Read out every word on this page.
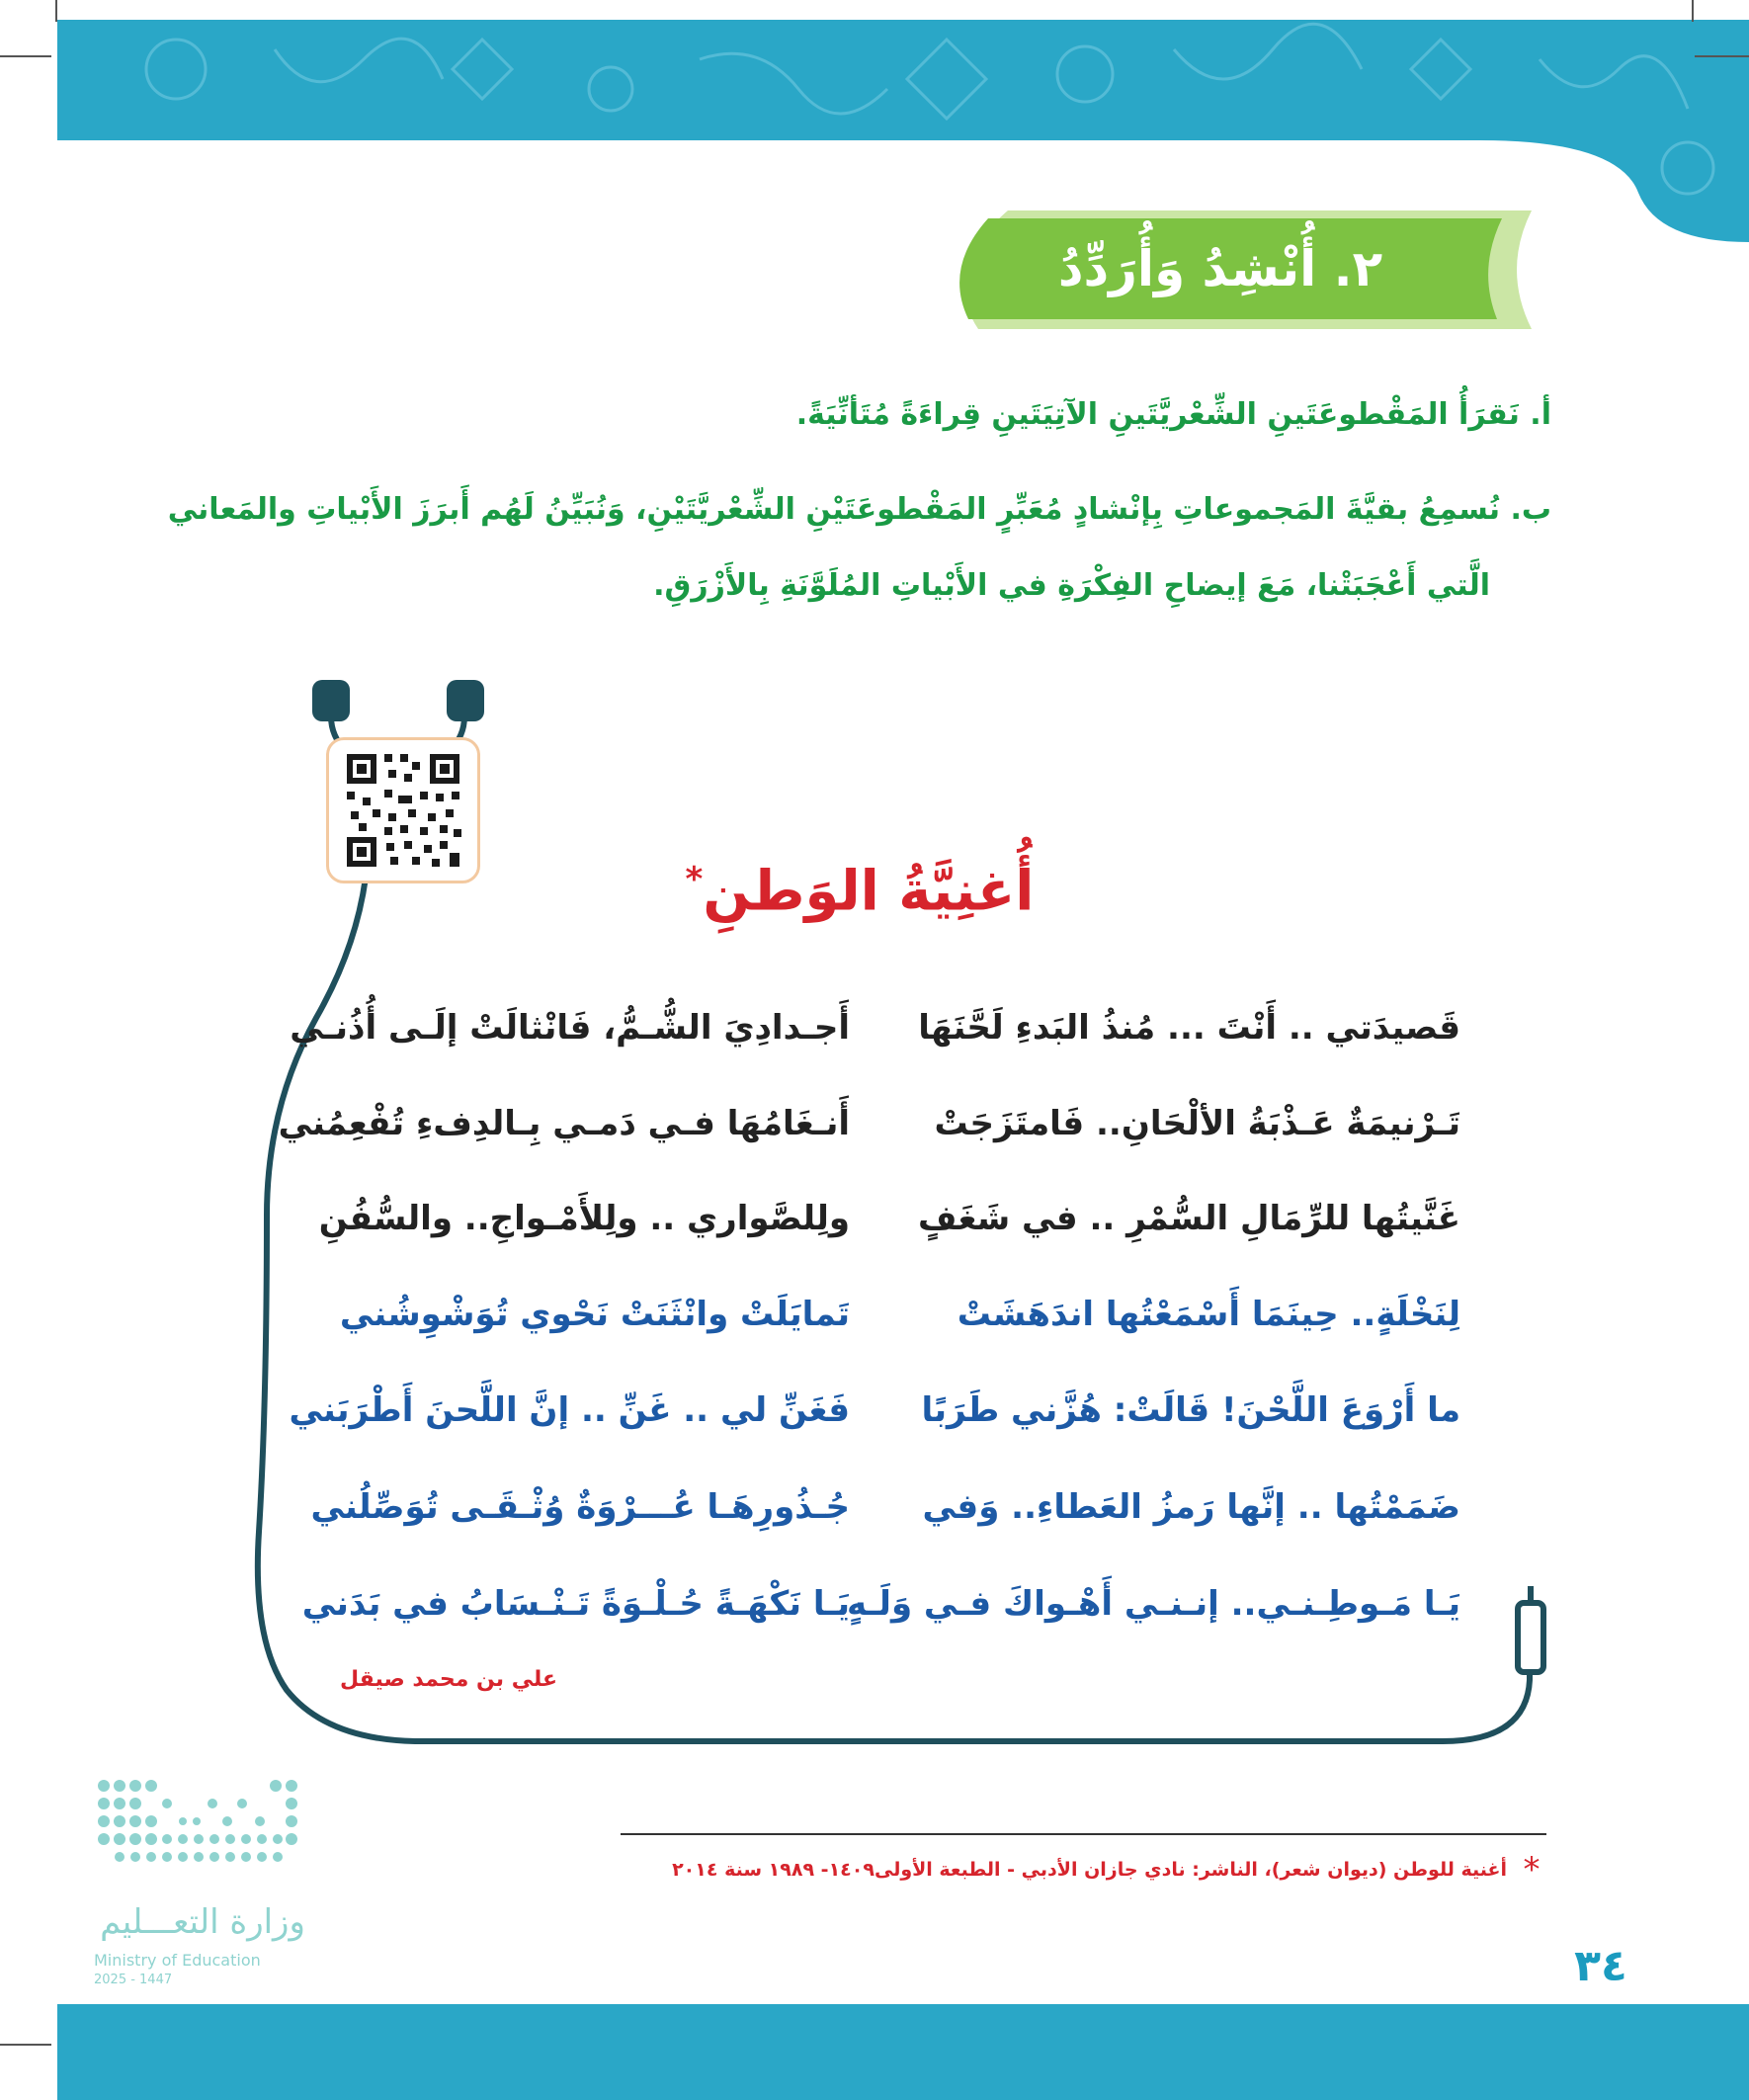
٢. أُنْشِدُ وَأُرَدِّدُ
أ. نَقرَأُ المَقْطوعَتَينِ الشِّعْريَّتَينِ الآتِيَتَينِ قِراءَةً مُتَأنِّيَةً.
ب. نُسمِعُ بقيَّةَ المَجموعاتِ بِإنْشادٍ مُعَبِّرٍ المَقْطوعَتَيْنِ الشِّعْريَّتَيْنِ، وَنُبَيِّنُ لَهُم أَبرَزَ الأَبْياتِ والمَعاني
الَّتي أَعْجَبَتْنا، مَعَ إيضاحِ الفِكْرَةِ في الأَبْياتِ المُلَوَّنَةِ بِالأَزْرَقِ.
أُغنِيَّةُ الوَطنِ*
قَصيدَتي .. أَنْتَ ... مُنذُ البَدءِ لَحَّنَهَا
أَجـدادِيَ الشُّـمُّ، فَانْثالَتْ إلَـى أُذُنـي
تَـرْنيمَةٌ عَـذْبَةُ الألْحَانِ.. فَامتَزَجَتْ
أَنـغَامُهَا فـي دَمـي بِـالدِفءِ تُفْعِمُني
غَنَّيتُها للرِّمَالِ السُّمْرِ .. في شَغَفٍ
ولِلصَّواري .. ولِلأَمْـواجِ.. والسُّفُنِ
لِنَخْلَةٍ.. حِينَمَا أَسْمَعْتُها اندَهَشَتْ
تَمايَلَتْ وانْثَنَتْ نَحْوي تُوَشْوِشُني
ما أَرْوَعَ اللَّحْنَ! قَالَتْ: هُزَّني طَرَبًا
فَغَنِّ لي .. غَنِّ .. إنَّ اللَّحنَ أَطْرَبَني
ضَمَمْتُها .. إنَّها رَمزُ العَطاءِ.. وَفي
جُـذُورِهَـا عُـــرْوَةٌ وُثْـقَـى تُوَصِّلُني
يَـا مَـوطِـنـي.. إنـنـي أَهْـواكَ فـي وَلَـهٍ
يَـا نَكْهَـةً حُـلْـوَةً تَـنْـسَابُ في بَدَني
علي بن محمد صيقل
*
أغنية للوطن (ديوان شعر)، الناشر: نادي جازان الأدبي - الطبعة الأولى١٤٠٩- ١٩٨٩ سنة ٢٠١٤
وزارة التعـــليم
Ministry of Education
2025 - 1447	٣٤
